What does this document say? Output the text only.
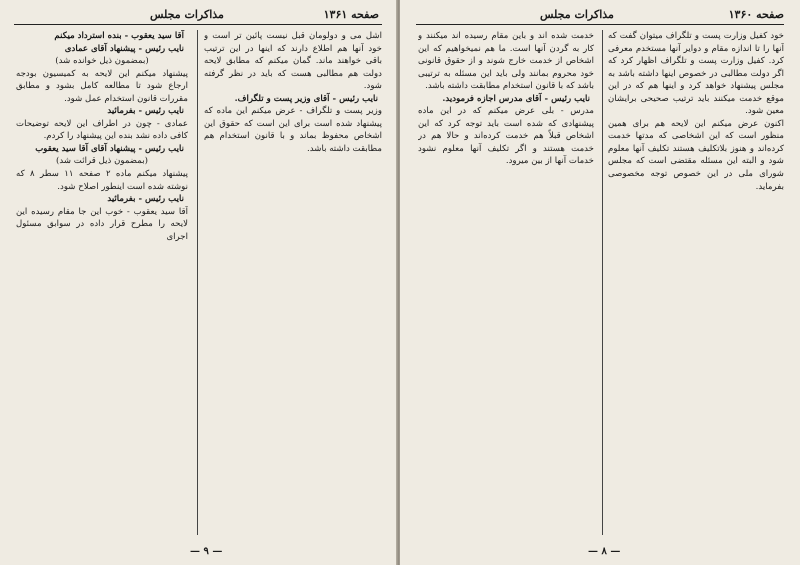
صفحه ۱۳۶۱
مذاکرات مجلس

آقا سید یعقوب - بنده استرداد میکنم

نایب رئیس - پیشنهاد آقای عمادی

(بمضمون ذیل خوانده شد)

پیشنهاد میکنم این لایحه به کمیسیون بودجه ارجاع شود تا مطالعه کامل بشود و مطابق مقررات قانون استخدام عمل شود.

نایب رئیس - بفرمائید

عمادی - چون در اطراف این لایحه توضیحات کافی داده نشد بنده این پیشنهاد را کردم.

نایب رئیس - پیشنهاد آقای آقا سید یعقوب

(بمضمون ذیل قرائت شد)

پیشنهاد میکنم ماده ۲ صفحه ۱۱ سطر ۸ که نوشته شده است اینطور اصلاح شود.

نایب رئیس - بفرمائید

آقا سید یعقوب - خوب این جا مقام رسیده این لایحه را مطرح قرار داده در سوابق مسئول اجرای

اشل می و دولومان قبل نیست پائین تر است و خود آنها هم اطلاع دارند که اینها در این ترتیب باقی خواهند ماند. گمان میکنم که مطابق لایحه دولت هم مطالبی هست که باید در نظر گرفته شود.

نایب رئیس - آقای وزیر پست و تلگراف.

وزیر پست و تلگراف - عرض میکنم این ماده که پیشنهاد شده است برای این است که حقوق این اشخاص محفوظ بماند و با قانون استخدام هم مطابقت داشته باشد.

— ۹ —
صفحه ۱۳۶۰
مذاکرات مجلس

خدمت شده اند و باین مقام رسیده اند میکنند و کار به گردن آنها است. ما هم نمیخواهیم که این اشخاص از خدمت خارج شوند و از حقوق قانونی خود محروم بمانند ولی باید این مسئله به ترتیبی باشد که با قانون استخدام مطابقت داشته باشد.

نایب رئیس - آقای مدرس اجازه فرمودید.

مدرس - بلی عرض میکنم که در این ماده پیشنهادی که شده است باید توجه کرد که این اشخاص قبلاً هم خدمت کرده‌اند و حالا هم در خدمت هستند و اگر تکلیف آنها معلوم نشود خدمات آنها از بین میرود.

خود کفیل وزارت پست و تلگراف میتوان گفت که آنها را تا اندازه مقام و دوایر آنها مستخدم معرفی کرد. کفیل وزارت پست و تلگراف اظهار کرد که اگر دولت مطالبی در خصوص اینها داشته باشد به مجلس پیشنهاد خواهد کرد و اینها هم که در این موقع خدمت میکنند باید ترتیب صحیحی برایشان معین شود.

اکنون عرض میکنم این لایحه هم برای همین منظور است که این اشخاصی که مدتها خدمت کرده‌اند و هنوز بلاتکلیف هستند تکلیف آنها معلوم شود و البته این مسئله مقتضی است که مجلس شورای ملی در این خصوص توجه مخصوصی بفرماید.

— ۸ —
